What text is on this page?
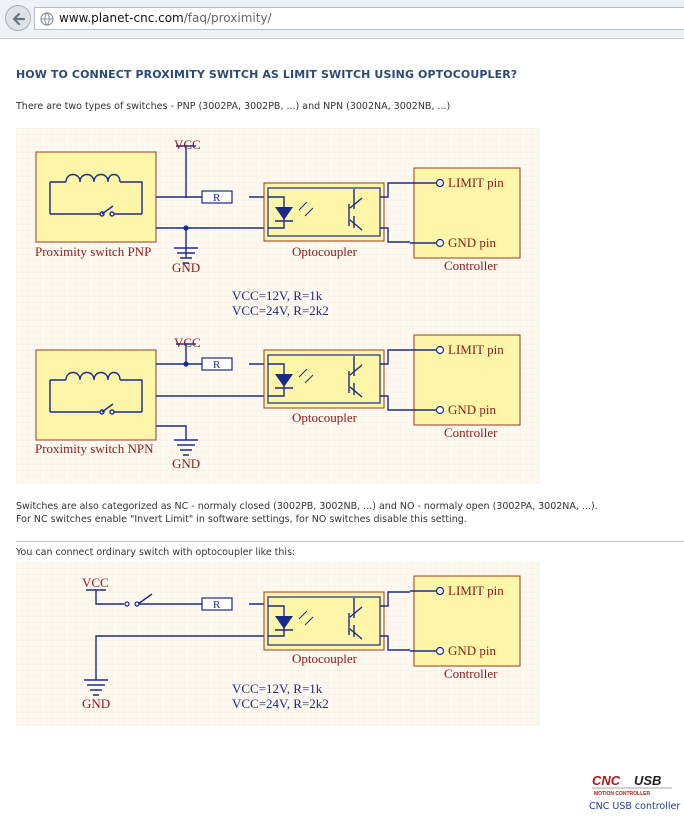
www.planet-cnc.com/faq/proximity/
HOW TO CONNECT PROXIMITY SWITCH AS LIMIT SWITCH USING OPTOCOUPLER?
There are two types of switches - PNP (3002PA, 3002PB, ...) and NPN (3002NA, 3002NB, ...)
VCC
GND
R
Proximity switch PNP	Optocoupler
Controller
LIMIT pin
GND pin
VCC=12V, R=1k
VCC=24V, R=2k2
VCC
GND
R
Proximity switch NPN
Optocoupler
Controller
LIMIT pin
GND pin
Switches are also categorized as NC - normaly closed (3002PB, 3002NB, ...) and NO - normaly open (3002PA, 3002NA, ...).
For NC switches enable "Invert Limit" in software settings, for NO switches disable this setting.
You can connect ordinary switch with optocoupler like this:
VCC
GND
R
Optocoupler
Controller
LIMIT pin
GND pin
VCC=12V, R=1k
VCC=24V, R=2k2
CNC USB
MOTION CONTROLLER
CNC USB controller
